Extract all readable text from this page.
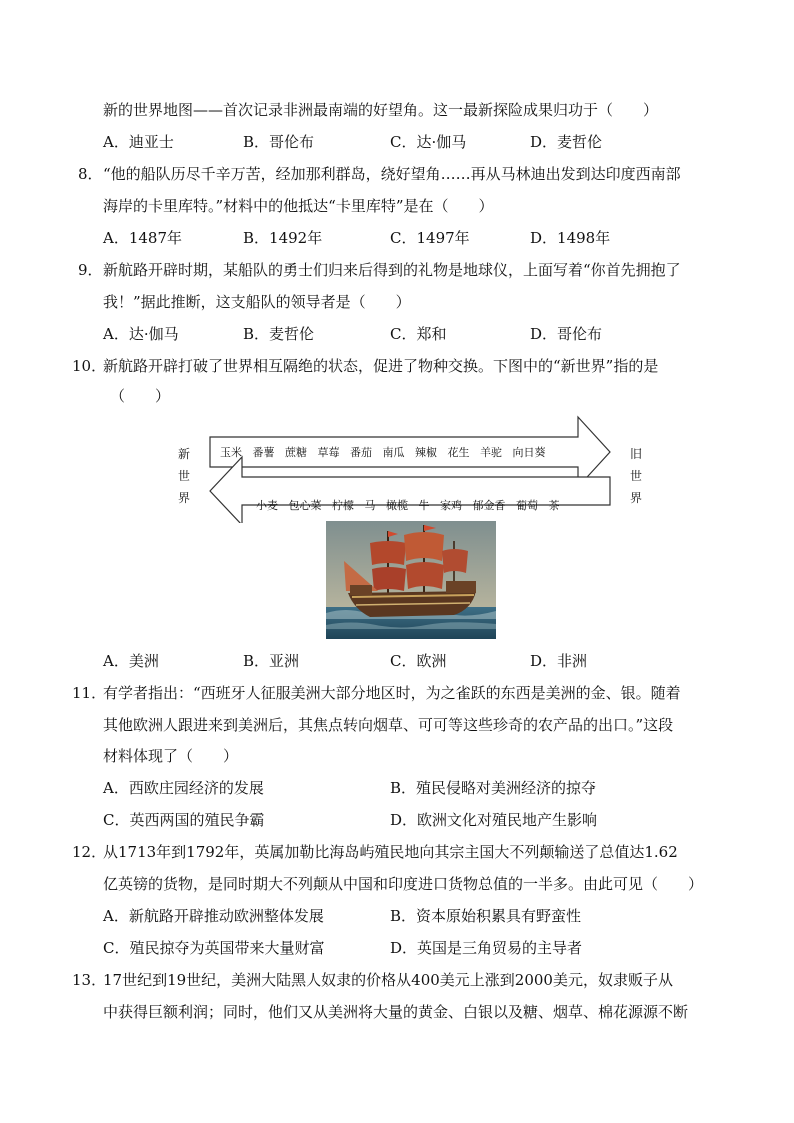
新的世界地图——首次记录非洲最南端的好望角。这一最新探险成果归功于（　　）
A．迪亚士	B．哥伦布	C．达·伽马	D．麦哲伦
8． “他的船队历尽千辛万苦，经加那利群岛，绕好望角……再从马林迪出发到达印度西南部
海岸的卡里库特。”材料中的他抵达“卡里库特”是在（　　）
A．1487年	B．1492年	C．1497年	D．1498年
9． 新航路开辟时期，某船队的勇士们归来后得到的礼物是地球仪，上面写着“你首先拥抱了
我！”据此推断，这支船队的领导者是（　　）
A．达·伽马	B．麦哲伦	C．郑和	D．哥伦布
10．
新航路开辟打破了世界相互隔绝的状态，促进了物种交换。下图中的“新世界”指的是
（　　）
新
世
界
旧
世
界
玉米 番薯 蔗糖 草莓 番茄 南瓜 辣椒 花生 羊驼 向日葵
小麦 包心菜 柠檬 马 橄榄 牛 家鸡 郁金香 葡萄 茶
A．美洲	B．亚洲	C．欧洲	D．非洲
11．
有学者指出：“西班牙人征服美洲大部分地区时，为之雀跃的东西是美洲的金、银。随着
其他欧洲人跟进来到美洲后，其焦点转向烟草、可可等这些珍奇的农产品的出口。”这段
材料体现了（　　）
A．西欧庄园经济的发展	B．殖民侵略对美洲经济的掠夺
C．英西两国的殖民争霸	D．欧洲文化对殖民地产生影响
12．
从1713年到1792年，英属加勒比海岛屿殖民地向其宗主国大不列颠输送了总值达1.62
亿英镑的货物，是同时期大不列颠从中国和印度进口货物总值的一半多。由此可见（　　）
A．新航路开辟推动欧洲整体发展	B．资本原始积累具有野蛮性
C．殖民掠夺为英国带来大量财富	D．英国是三角贸易的主导者
13．
17世纪到19世纪，美洲大陆黑人奴隶的价格从400美元上涨到2000美元，奴隶贩子从
中获得巨额利润；同时，他们又从美洲将大量的黄金、白银以及糖、烟草、棉花源源不断
